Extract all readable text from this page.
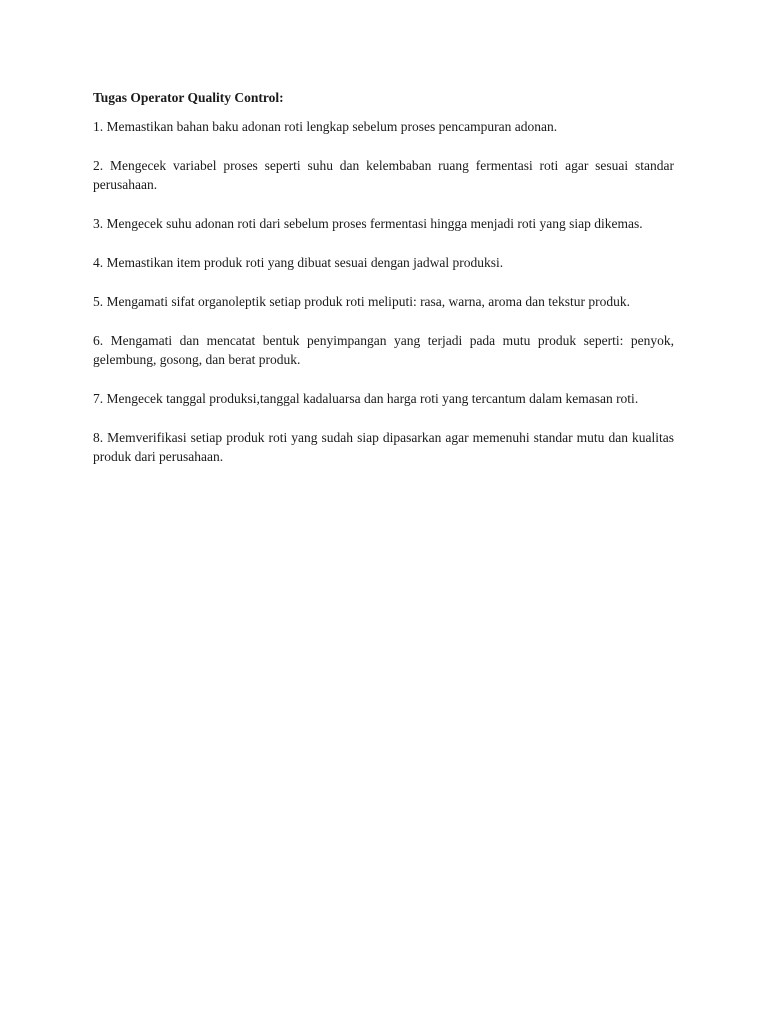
Tugas Operator Quality Control:

1. Memastikan bahan baku adonan roti lengkap sebelum proses pencampuran adonan.

2. Mengecek variabel proses seperti suhu dan kelembaban ruang fermentasi roti agar sesuai standar perusahaan.

3. Mengecek suhu adonan roti dari sebelum proses fermentasi hingga menjadi roti yang siap dikemas.

4. Memastikan item produk roti yang dibuat sesuai dengan jadwal produksi.

5. Mengamati sifat organoleptik setiap produk roti meliputi: rasa, warna, aroma dan tekstur produk.

6. Mengamati dan mencatat bentuk penyimpangan yang terjadi pada mutu produk seperti: penyok, gelembung, gosong, dan berat produk.

7. Mengecek tanggal produksi,tanggal kadaluarsa dan harga roti yang tercantum dalam kemasan roti.

8. Memverifikasi setiap produk roti yang sudah siap dipasarkan agar memenuhi standar mutu dan kualitas produk dari perusahaan.
